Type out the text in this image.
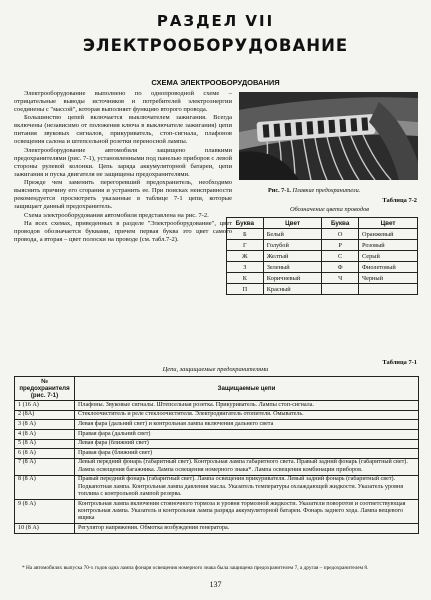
РАЗДЕЛ VII
ЭЛЕКТРООБОРУДОВАНИЕ
СХЕМА ЭЛЕКТРООБОРУДОВАНИЯ

Электрооборудование выполнено по однопроводной схеме – отрицательные выводы источников и потребителей электроэнергии соединены с "массой", которая выполняет функцию второго провода.

Большинство цепей включается выключателем зажигания. Всегда включены (независимо от положения ключа в выключателе зажигания) цепи питания звуковых сигналов, прикуриватель, стоп-сигнала, плафонов освещения салона и штепсельной розетки переносной лампы.

Электрооборудование автомобиля защищено плавкими предохранителями (рис. 7-1), установленными под панелью приборов с левой стороны рулевой колонки. Цепь заряда аккумуляторной батареи, цепи зажигания и пуска двигателя не защищены предохранителями.

Прежде чем заменить перегоревший предохранитель, необходимо выяснить причину его сгорания и устранить ее. При поисках неисправности рекомендуется просмотреть указанные в таблице 7-1 цепи, которые защищает данный предохранитель.

Схема электрооборудования автомобиля представлена на рис. 7-2.

На всех схемах, приведенных в разделе "Электрооборудование", цвет проводов обозначается буквами, причем первая буква это цвет самого провода, а вторая – цвет полоски на проводе (см. табл.7-2).

Рис. 7-1. Плавкие предохранители.
Таблица 7-2
Обозначение цвета проводов
Буква	Цвет	Буква	Цвет
Б	Белый	О	Оранжевый
Г	Голубой	Р	Розовый
Ж	Желтый	С	Серый
З	Зеленый	Ф	Фиолетовый
К	Коричневый	Ч	Черный
П	Красный		
Таблица 7-1
Цепи, защищаемые предохранителями
№ предохранителя (рис. 7-1)	Защищаемые цепи
1 (16 А)	Плафоны. Звуковые сигналы. Штепсельная розетка. Прикуриватель. Лампы стоп-сигнала.
2 (8А)	Стеклоочиститель и реле стеклоочистителя. Электродвигатель отопителя. Омыватель.
3 (8 А)	Левая фара (дальний свет) и контрольная лампа включения дальнего света
4 (8 А)	Правая фара (дальний свет)
5 (8 А)	Левая фара (ближний свет)
6 (8 А)	Правая фара (ближний свет)
7 (8 А)	Левый передний фонарь (габаритный свет). Контрольная лампа габаритного света. Правый задний фонарь (габаритный свет). Лампа освещения багажника. Лампа освещения номерного знака*. Лампа освещения комбинации приборов.
8 (8 А)	Правый передний фонарь (габаритный свет). Лампа освещения прикуривателя. Левый задний фонарь (габаритный свет). Подкапотная лампа. Контрольная лампа давления масла. Указатель температуры охлаждающей жидкости. Указатель уровня топлива с контрольной лампой резерва.
9 (8 А)	Контрольная лампа включения стояночного тормоза и уровня тормозной жидкости. Указатели поворотов и соответствующая контрольная лампа. Указатель и контрольная лампа разряда аккумуляторной батареи. Фонарь заднего хода. Лампа вещевого ящика
10 (8 А)	Регулятор напряжения. Обмотка возбуждения генератора.
* На автомобилях выпуска 70-х годов одна лампа фонаря освещения номерного знака была защищена предохранителем 7, а другая – предохранителем 8.
137
